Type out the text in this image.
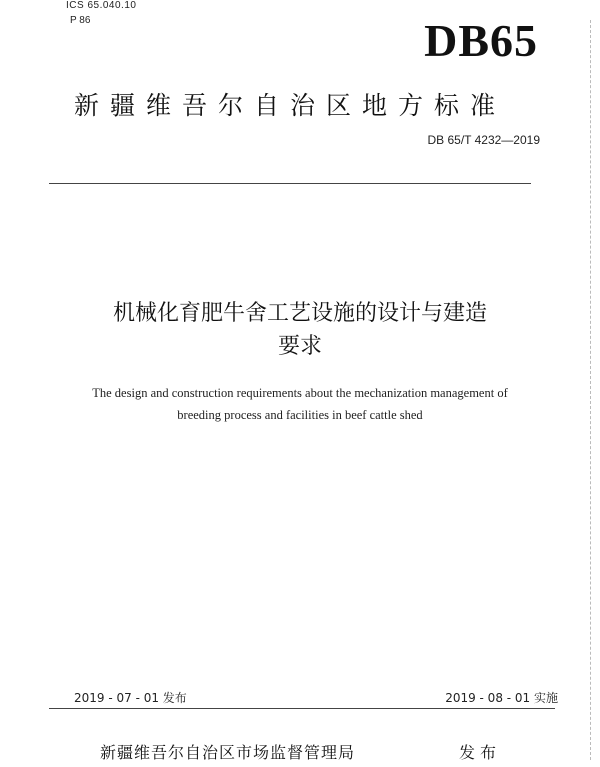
ICS 65.040.10
P 86	DB65
新疆维吾尔自治区地方标准
DB 65/T 4232—2019
机械化育肥牛舍工艺设施的设计与建造
要求
The design and construction requirements about the mechanization management of
breeding process and facilities in beef cattle shed
2019 - 07 - 01 发布	2019 - 08 - 01 实施
新疆维吾尔自治区市场监督管理局	发布
